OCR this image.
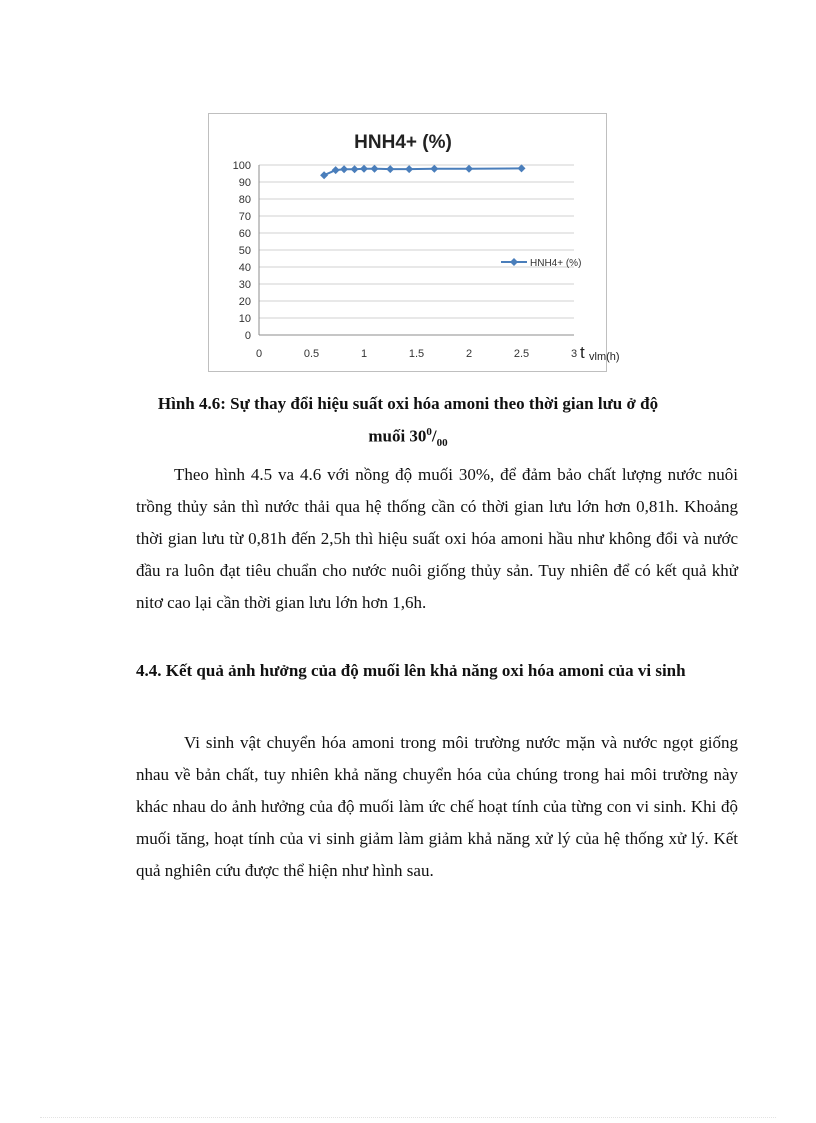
HNH4+ (%)
0
10
20
30
40
50
60
70
80
90
100
0	0.5	1	1.5	2	2.5	3 t vlm(h)
HNH4+ (%)
Hình 4.6: Sự thay đổi hiệu suất oxi hóa amoni theo thời gian lưu ở độ
muối $30^0/_{00}$
Theo hình 4.5 va 4.6 với nồng độ muối 30%, để đảm bảo chất lượng nước nuôi trồng thủy sản thì nước thải qua hệ thống cần có thời gian lưu lớn hơn 0,81h. Khoảng thời gian lưu từ 0,81h đến 2,5h thì hiệu suất oxi hóa amoni hầu như không đổi và nước đầu ra luôn đạt tiêu chuẩn cho nước nuôi giống thủy sản. Tuy nhiên để có kết quả khử nitơ cao lại cần thời gian lưu lớn hơn 1,6h.
4.4. Kết quả ảnh hưởng của độ muối lên khả năng oxi hóa amoni của vi sinh
Vi sinh vật chuyển hóa amoni trong môi trường nước mặn và nước ngọt giống nhau về bản chất, tuy nhiên khả năng chuyển hóa của chúng trong hai môi trường này khác nhau do ảnh hưởng của độ muối làm ức chế hoạt tính của từng con vi sinh. Khi độ muối tăng, hoạt tính của vi sinh giảm làm giảm khả năng xử lý của hệ thống xử lý. Kết quả nghiên cứu được thể hiện như hình sau.
